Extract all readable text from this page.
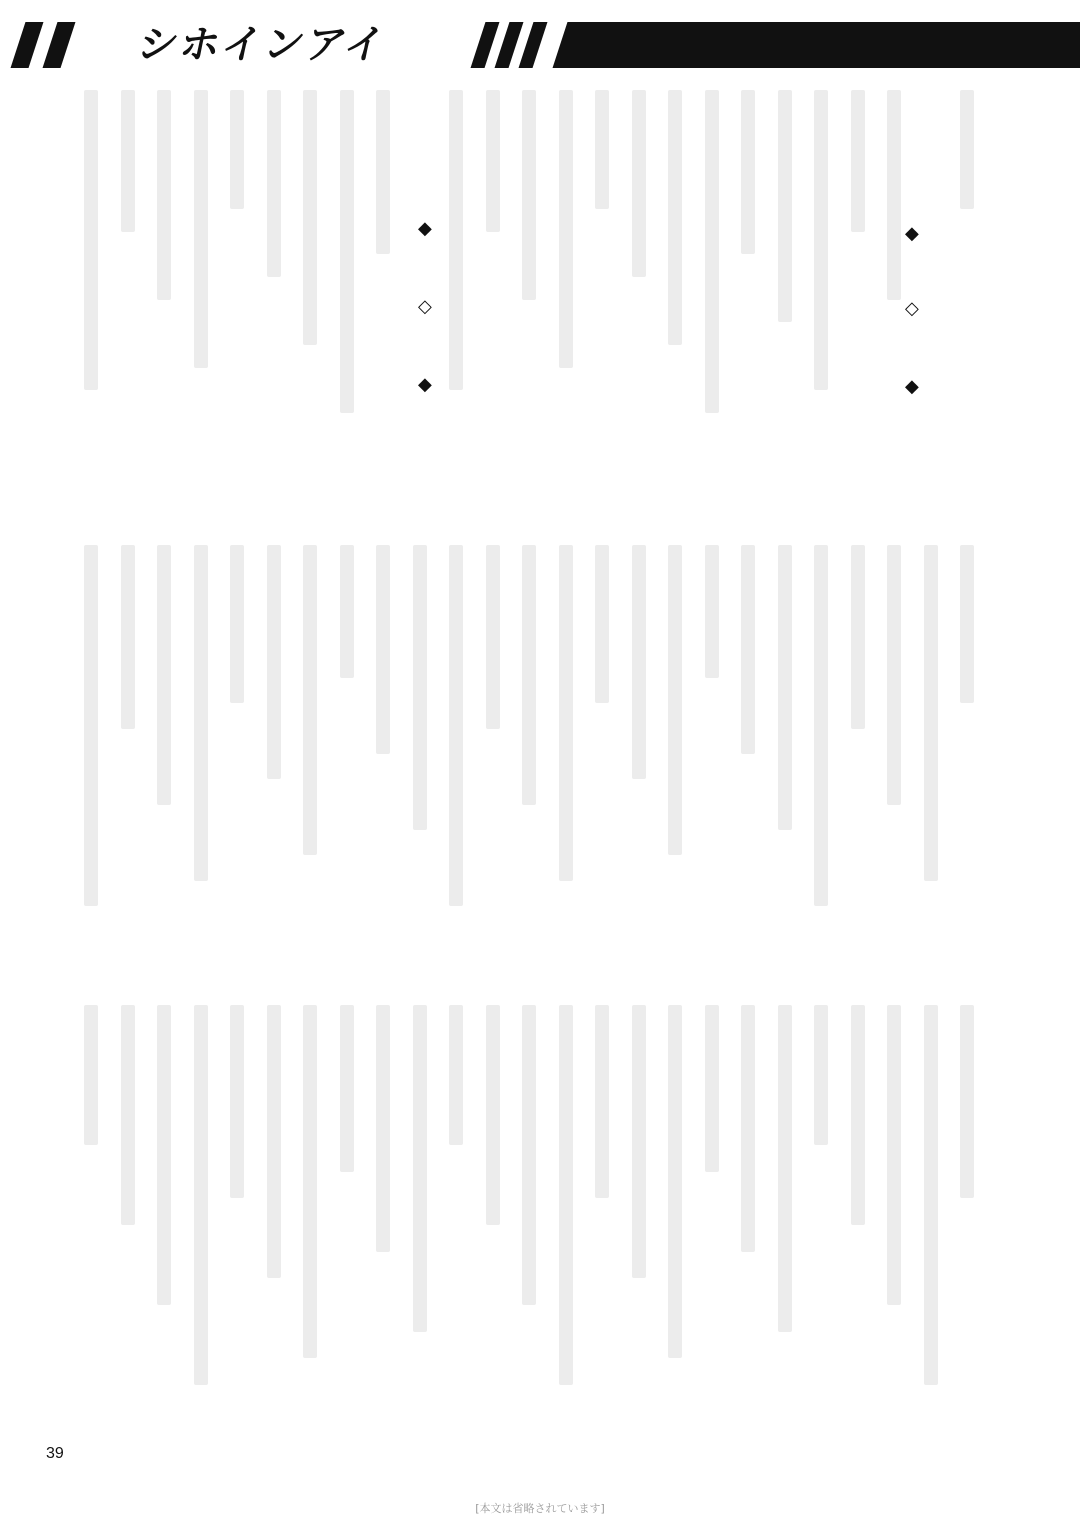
シホインアイ
◆
◇
◆
◆
◇
◆
[本文は省略されています]
39
